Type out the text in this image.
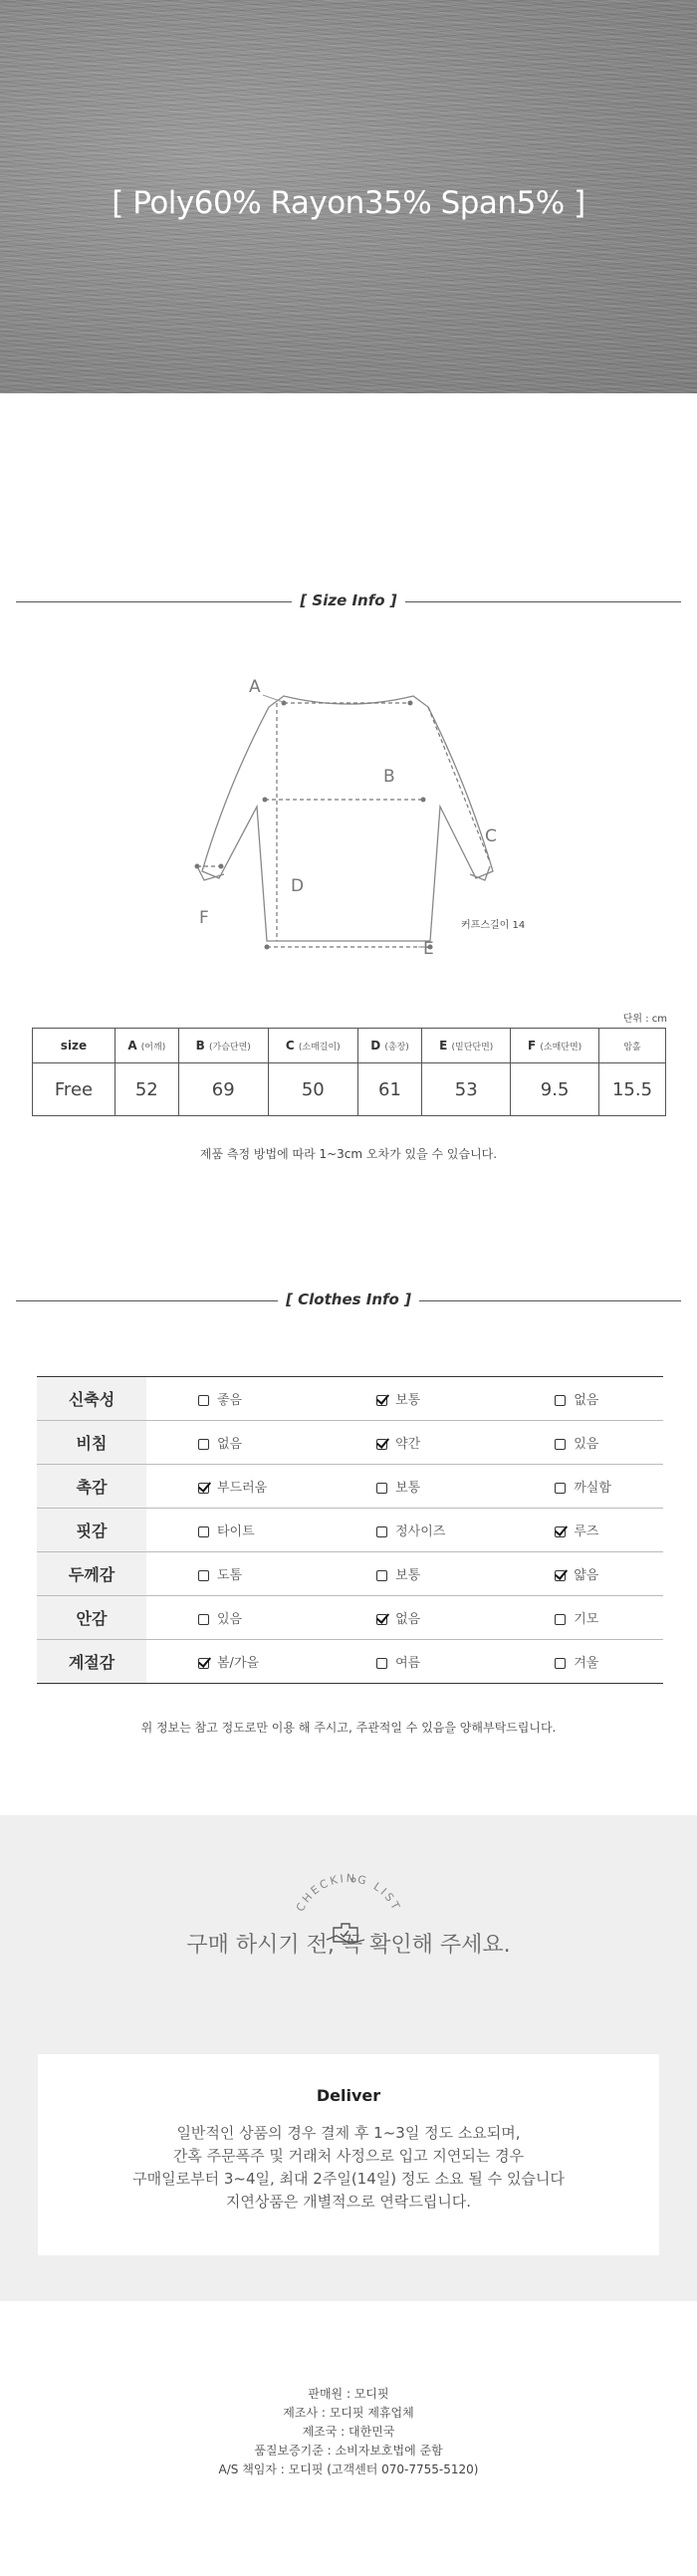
[ Poly60% Rayon35% Span5% ]
[ Size Info ]
A
B
C
D
E
F	커프스길이 14
단위 : cm
size	A (어깨)	B (가슴단면)	C (소매길이)	D (총장)	E (밑단단면)	F (소매단면)	암홀
Free	52	69	50	61	53	9.5	15.5
제품 측정 방법에 따라 1~3cm 오차가 있을 수 있습니다.
[ Clothes Info ]
신축성	좋음	보통	없음
비침	없음	약간	있음
촉감	부드러움	보통	까실함
핏감	타이트	정사이즈	루즈
두께감	도톰	보통	얇음
안감	있음	없음	기모
계절감	봄/가을	여름	겨울
위 정보는 참고 정도로만 이용 해 주시고, 주관적일 수 있음을 양해부탁드립니다.
CHECKING LIST
구매 하시기 전, 꼭 확인해 주세요.
Deliver
일반적인 상품의 경우 결제 후 1~3일 정도 소요되며,
간혹 주문폭주 및 거래처 사정으로 입고 지연되는 경우
구매일로부터 3~4일, 최대 2주일(14일) 정도 소요 될 수 있습니다
지연상품은 개별적으로 연락드립니다.
판매원 : 모디핏
제조사 : 모디핏 제휴업체
제조국 : 대한민국
품질보증기준 : 소비자보호법에 준함
A/S 책임자 : 모디핏 (고객센터 070-7755-5120)
